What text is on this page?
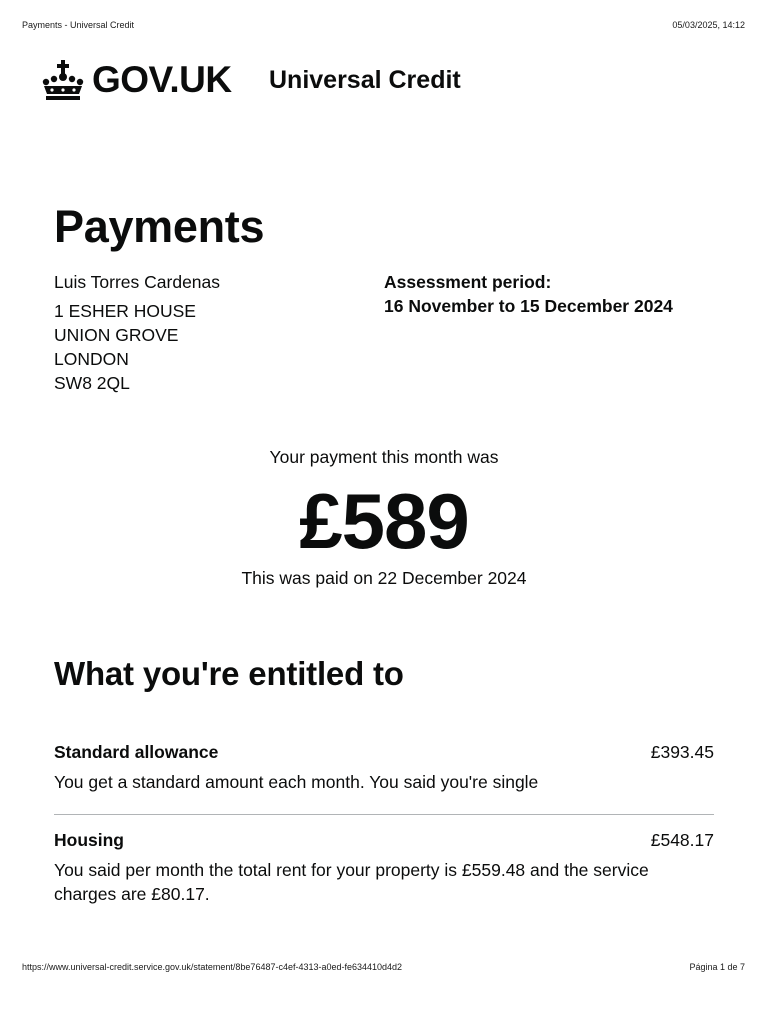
Payments - Universal Credit	05/03/2025, 14:12
GOV.UK Universal Credit
Payments
Luis Torres Cardenas
1 ESHER HOUSE
UNION GROVE
LONDON
SW8 2QL
Assessment period:
16 November to 15 December 2024
Your payment this month was
£589
This was paid on 22 December 2024
What you're entitled to
Standard allowance	£393.45
You get a standard amount each month. You said you're single
Housing	£548.17
You said per month the total rent for your property is £559.48 and the service charges are £80.17.
https://www.universal-credit.service.gov.uk/statement/8be76487-c4ef-4313-a0ed-fe634410d4d2	Página 1 de 7
